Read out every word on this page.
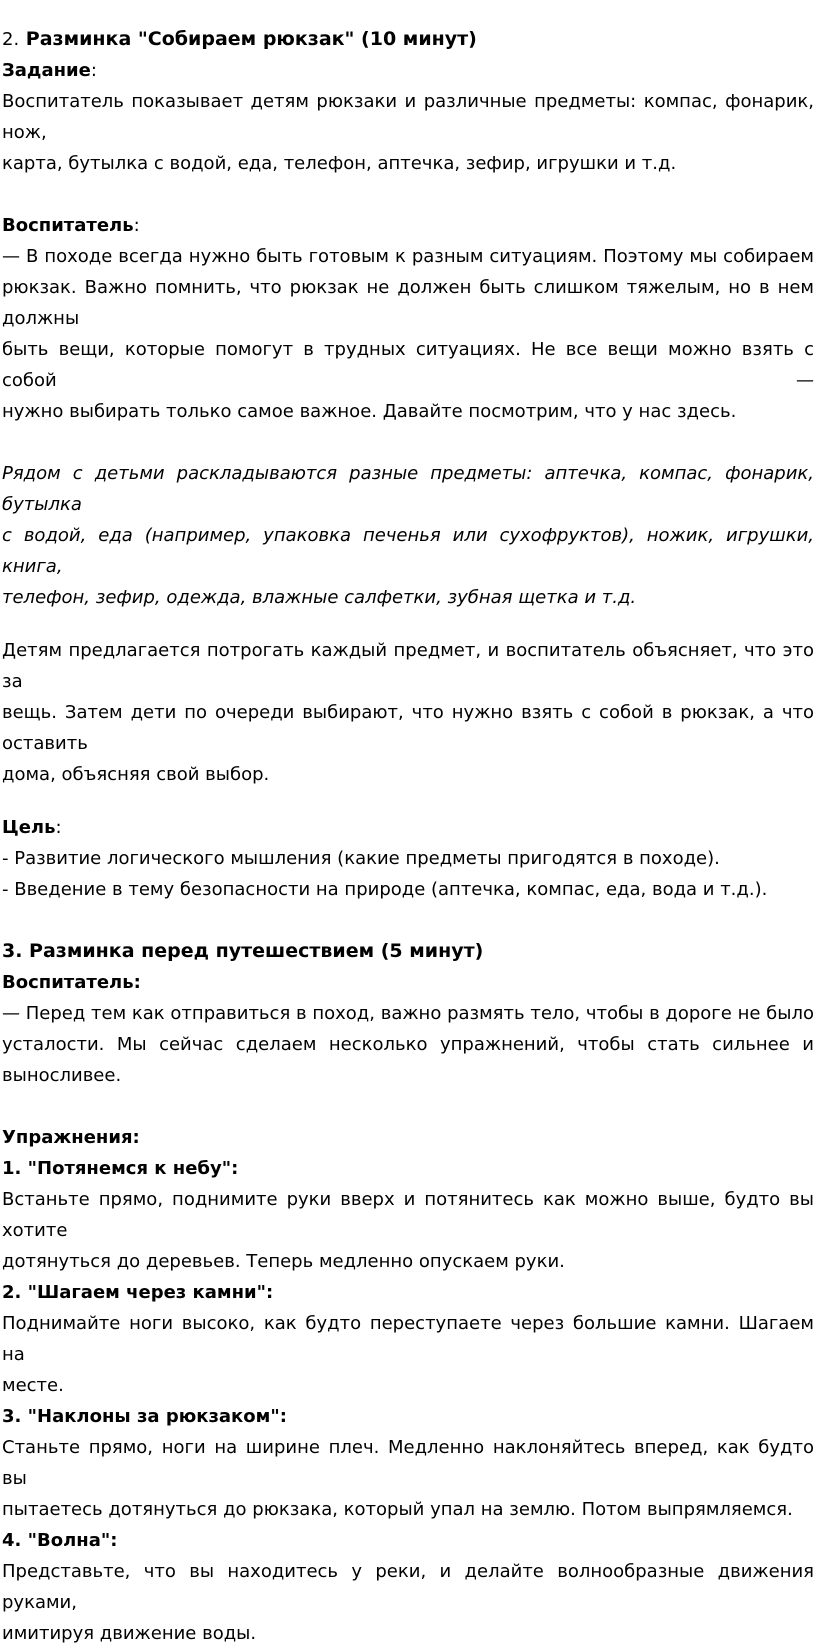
2. Разминка "Собираем рюкзак" (10 минут)
Задание:
Воспитатель показывает детям рюкзаки и различные предметы: компас, фонарик, нож,
карта, бутылка с водой, еда, телефон, аптечка, зефир, игрушки и т.д.
Воспитатель:
— В походе всегда нужно быть готовым к разным ситуациям. Поэтому мы собираем
рюкзак. Важно помнить, что рюкзак не должен быть слишком тяжелым, но в нем должны
быть вещи, которые помогут в трудных ситуациях. Не все вещи можно взять с собой —
нужно выбирать только самое важное. Давайте посмотрим, что у нас здесь.
Рядом с детьми раскладываются разные предметы: аптечка, компас, фонарик, бутылка
с водой, еда (например, упаковка печенья или сухофруктов), ножик, игрушки, книга,
телефон, зефир, одежда, влажные салфетки, зубная щетка и т.д.
Детям предлагается потрогать каждый предмет, и воспитатель объясняет, что это за
вещь. Затем дети по очереди выбирают, что нужно взять с собой в рюкзак, а что оставить
дома, объясняя свой выбор.
Цель:
- Развитие логического мышления (какие предметы пригодятся в походе).
- Введение в тему безопасности на природе (аптечка, компас, еда, вода и т.д.).
3. Разминка перед путешествием (5 минут)
Воспитатель:
— Перед тем как отправиться в поход, важно размять тело, чтобы в дороге не было
усталости. Мы сейчас сделаем несколько упражнений, чтобы стать сильнее и
выносливее.
Упражнения:
1. "Потянемся к небу":
Встаньте прямо, поднимите руки вверх и потянитесь как можно выше, будто вы хотите
дотянуться до деревьев. Теперь медленно опускаем руки.
2. "Шагаем через камни":
Поднимайте ноги высоко, как будто переступаете через большие камни. Шагаем на
месте.
3. "Наклоны за рюкзаком":
Станьте прямо, ноги на ширине плеч. Медленно наклоняйтесь вперед, как будто вы
пытаетесь дотянуться до рюкзака, который упал на землю. Потом выпрямляемся.
4. "Волна":
Представьте, что вы находитесь у реки, и делайте волнообразные движения руками,
имитируя движение воды.
